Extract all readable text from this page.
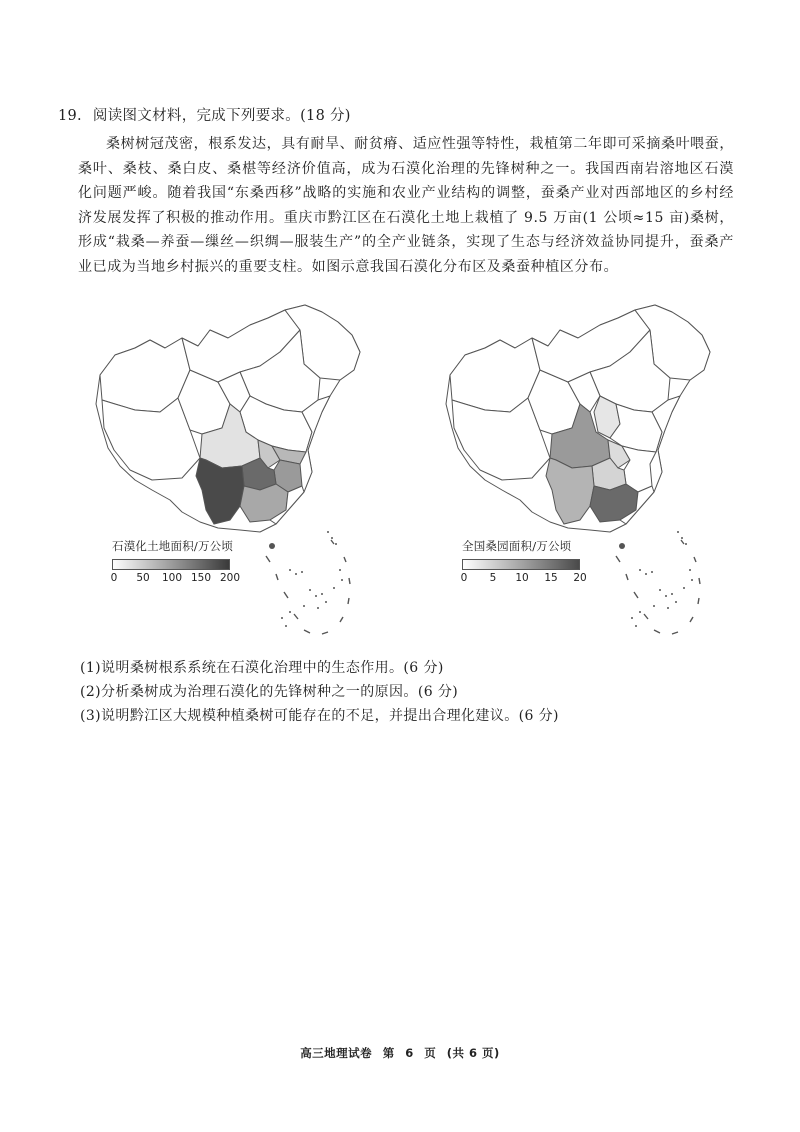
19. 阅读图文材料，完成下列要求。(18 分)
桑树树冠茂密，根系发达，具有耐旱、耐贫瘠、适应性强等特性，栽植第二年即可采摘桑叶喂蚕，桑叶、桑枝、桑白皮、桑椹等经济价值高，成为石漠化治理的先锋树种之一。我国西南岩溶地区石漠化问题严峻。随着我国“东桑西移”战略的实施和农业产业结构的调整，蚕桑产业对西部地区的乡村经济发展发挥了积极的推动作用。重庆市黔江区在石漠化土地上栽植了 9.5 万亩(1 公顷≈15 亩)桑树，形成“栽桑—养蚕—缫丝—织绸—服装生产”的全产业链条，实现了生态与经济效益协同提升，蚕桑产业已成为当地乡村振兴的重要支柱。如图示意我国石漠化分布区及桑蚕种植区分布。
石漠化土地面积/万公顷
0 50 100 150 200
全国桑园面积/万公顷
0 5 10 15 20
(1)说明桑树根系系统在石漠化治理中的生态作用。(6 分)
(2)分析桑树成为治理石漠化的先锋树种之一的原因。(6 分)
(3)说明黔江区大规模种植桑树可能存在的不足，并提出合理化建议。(6 分)
高三地理试卷 第 6 页 (共 6 页)
